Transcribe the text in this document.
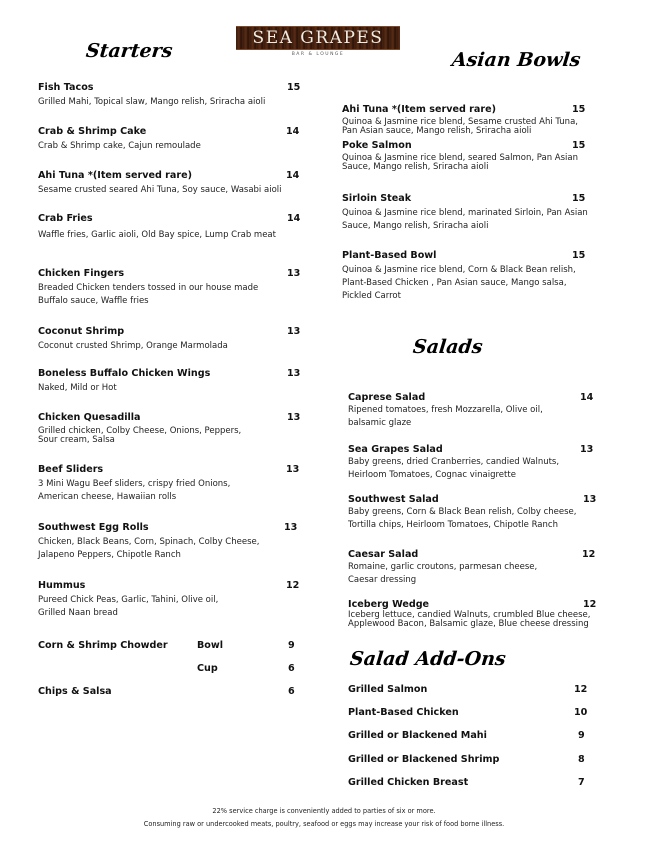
SEA GRAPES
BAR & LOUNGE
Starters	Asian Bowls
Salads
Salad Add-Ons
Fish Tacos	15
Grilled Mahi, Topical slaw, Mango relish, Sriracha aioli
Crab & Shrimp Cake	14
Crab & Shrimp cake, Cajun remoulade
Ahi Tuna *(Item served rare)	14
Sesame crusted seared Ahi Tuna, Soy sauce, Wasabi aioli
Crab Fries	14
Waffle fries, Garlic aioli, Old Bay spice, Lump Crab meat
Chicken Fingers	13
Breaded Chicken tenders tossed in our house made
Buffalo sauce, Waffle fries
Coconut Shrimp	13
Coconut crusted Shrimp, Orange Marmolada
Boneless Buffalo Chicken Wings	13
Naked, Mild or Hot
Chicken Quesadilla	13
Grilled chicken, Colby Cheese, Onions, Peppers,
Sour cream, Salsa
Beef Sliders	13
3 Mini Wagu Beef sliders, crispy fried Onions,
American cheese, Hawaiian rolls
Southwest Egg Rolls	13
Chicken, Black Beans, Corn, Spinach, Colby Cheese,
Jalapeno Peppers, Chipotle Ranch
Hummus	12
Pureed Chick Peas, Garlic, Tahini, Olive oil,
Grilled Naan bread
Corn & Shrimp Chowder	Bowl	9
Cup	6
Chips & Salsa	6
Ahi Tuna *(Item served rare)	15
Quinoa & Jasmine rice blend, Sesame crusted Ahi Tuna,
Pan Asian sauce, Mango relish, Sriracha aioli
Poke Salmon	15
Quinoa & Jasmine rice blend, seared Salmon, Pan Asian
Sauce, Mango relish, Sriracha aioli
Sirloin Steak	15
Quinoa & Jasmine rice blend, marinated Sirloin, Pan Asian
Sauce, Mango relish, Sriracha aioli
Plant-Based Bowl	15
Quinoa & Jasmine rice blend, Corn & Black Bean relish,
Plant-Based Chicken , Pan Asian sauce, Mango salsa,
Pickled Carrot
Caprese Salad	14
Ripened tomatoes, fresh Mozzarella, Olive oil,
balsamic glaze
Sea Grapes Salad	13
Baby greens, dried Cranberries, candied Walnuts,
Heirloom Tomatoes, Cognac vinaigrette
Southwest Salad	13
Baby greens, Corn & Black Bean relish, Colby cheese,
Tortilla chips, Heirloom Tomatoes, Chipotle Ranch
Caesar Salad	12
Romaine, garlic croutons, parmesan cheese,
Caesar dressing
Iceberg Wedge	12
Iceberg lettuce, candied Walnuts, crumbled Blue cheese,
Applewood Bacon, Balsamic glaze, Blue cheese dressing
Grilled Salmon	12
Plant-Based Chicken	10
Grilled or Blackened Mahi	9
Grilled or Blackened Shrimp	8
Grilled Chicken Breast	7
22% service charge is conveniently added to parties of six or more.
Consuming raw or undercooked meats, poultry, seafood or eggs may increase your risk of food borne illness.
